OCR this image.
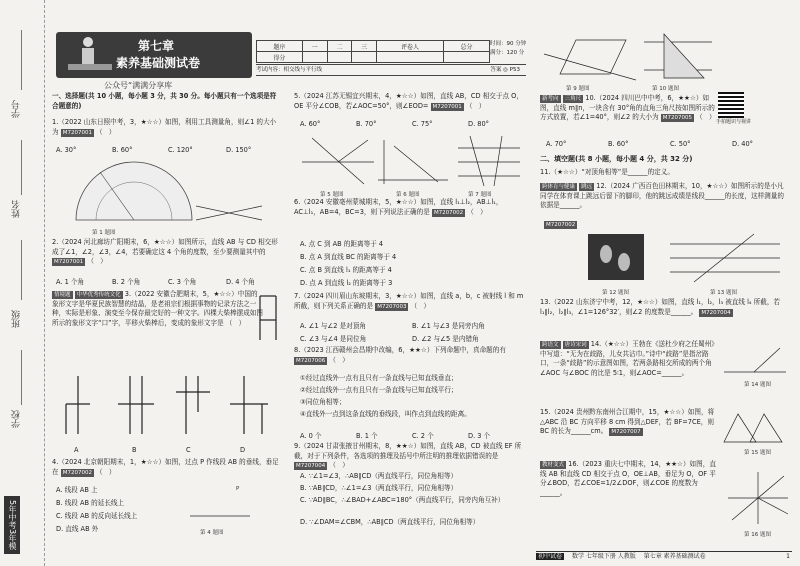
学号
姓名
班级
学校
5年中考3年模
第七章
素养基础测试卷
题序	一	二	三	评卷人	总分
得分					
时间：90 分钟
满分：120 分
考试内容：相交线与平行线	答案 ◎ P53
公众号“满满分享库
一、选择题(共 10 小题，每小题 3 分，共 30 分。每小题只有一个选项是符合题意的)
1.（2022 山东日照中考，3，★☆☆）如图，利用工具测量角，则∠1 的大小为 M7207001 （   ）
A. 30°	B. 60°	C. 120°	D. 150°
第 1 题图
2.（2024 河北廊坊广阳期末，6，★☆☆）如图所示，直线 AB 与 CD 相交形成了∠1，∠2，∠3，∠4，若要确定这 4 个角的度数，至少要测量其中的 M7207001 （   ）
A. 1 个角	B. 2 个角	C. 3 个角	D. 4 个角
情境题 中华优秀传统文化 3.（2022 安徽合肥期末，5，★☆☆）中国的象形文字是华夏民族智慧的结晶，是老祖宗们根据事物的记录方法之一种，实际是形象、演变至今保存最完好的一种文字。四棵大柴棒摆成如图所示的象形文字“口”字，平移火柴棒后，变成的象形文字是 （   ）
A	B	C	D
4.（2024 北京朝阳期末，1，★☆☆）如图，过点 P 作线段 AB 的垂线，垂足在 M7207002 （   ）
A. 线段 AB 上
B. 线段 AB 的延长线上
C. 线段 AB 的反向延长线上
D. 直线 AB 外
P
第 4 题图
5.（2024 江苏无锡宜兴期末，4，★☆☆）如图，直线 AB，CD 相交于点 O，OE 平分∠COB，若∠AOC=50°，则∠EOD= M7207001 （   ）
A. 60°	B. 70°	C. 75°	D. 80°
第 5 题图	第 6 题图	第 7 题图
6.（2024 安徽亳州蒙城期末，5，★☆☆）如图，直线 l₁⊥l₂，AB⊥l₁，AC⊥l₁，AB=4，BC=3，则下列说法正确的是 M7207002 （   ）
A. 点 C 到 AB 的距离等于 4
B. 点 A 到直线 BC 的距离等于 4
C. 点 B 到直线 l₁ 的距离等于 4
D. 点 A 到直线 l₂ 的距离等于 3
7.（2024 四川眉山东坡期末，3，★☆☆）如图，直线 a，b，c 被射线 l 和 m 所截，则下列关系正确的是 M7207003 （   ）
A. ∠1 与∠2 是对顶角	B. ∠1 与∠3 是同旁内角
C. ∠3 与∠4 是同位角	D. ∠2 与∠5 是内错角
8.（2023 江西赣州会昌期中改编，6，★★☆）下列命题中，真命题的有 M7207006 （   ）
①经过直线外一点有且只有一条直线与已知直线垂直；
②经过直线外一点有且只有一条直线与已知直线平行；
③同位角相等；
④直线外一点到这条直线的垂线段，叫作点到直线的距离。
A. 0 个	B. 1 个	C. 2 个	D. 3 个
9.（2024 甘肃张掖甘州期末，8，★★☆）如图，直线 AB，CD 被直线 EF 所截，对于下列条件，各选项的推理及括号中所注明的推理依据错误的是 M7207004 （   ）
A. ∵∠1=∠3，∴AB∥CD（两直线平行，同位角相等）
B. ∵AB∥CD，∴∠1=∠3（两直线平行，同位角相等）
C. ∵AD∥BC，∴∠BAD+∠ABC=180°（两直线平行，同旁内角互补）
D. ∵∠DAM=∠CBM，∴AB∥CD（两直线平行，同位角相等）
第 9 题图	第 10 题图
新考向 三角尺 10.（2024 四川巴中中考，6，★★☆）如图，直线 m∥n，一块含有 30°角的直角三角尺按如图所示的方式放置，若∠1=40°，则∠2 的大小为 M7207005 （   ）
手拍题识与视讲
A. 70°	B. 60°	C. 50°	D. 40°
二、填空题(共 8 小题，每小题 4 分，共 32 分)
11.（★☆☆）“对顶角相等”是______的定义。
跨体育与健康 跳远 12.（2024 广西百色田林期末，10，★☆☆）如图所示的是小凡同学在体育课上跳远后留下的脚印，他的跳远成绩是线段______的长度，这样测量的依据是______。
M7207002
第 12 题图	第 13 题图
13.（2022 山东济宁中考，12，★☆☆）如图，直线 l₁，l₂，l₃ 被直线 l₄ 所截，若 l₁∥l₂，l₂∥l₃，∠1=126°32′，则∠2 的度数是______。 M7207004
跨语文 唐诗宋词 14.（★☆☆）王勃在《送杜少府之任蜀州》中写道：“无为在歧路，儿女共沾巾。”诗中“歧路”是指岔路口，一条“歧路”的示意图如图，若两条路相交所成的两个角∠AOC 与∠BOC 的比是 5∶1，则∠AOC=______。
第 14 题图
15.（2024 贵州黔东南州合江期中，15，★☆☆）如图，将△ABC 沿 BC 方向平移 8 cm 得到△DEF，若 BF=7CE，则 BC 的长为______cm。 M7207007
第 15 题图
教材变式 16.（2023 重庆七中期末，14，★★☆）如图，直线 AB 和直线 CD 相交于点 O，OE⊥AB，垂足为 O，OF 平分∠BOD，若∠COE=1/2∠DOF，则∠COE 的度数为______。
第 16 题图
初中试卷 数学 七年级下册 人教版 第七章 素养基础测试卷	1
